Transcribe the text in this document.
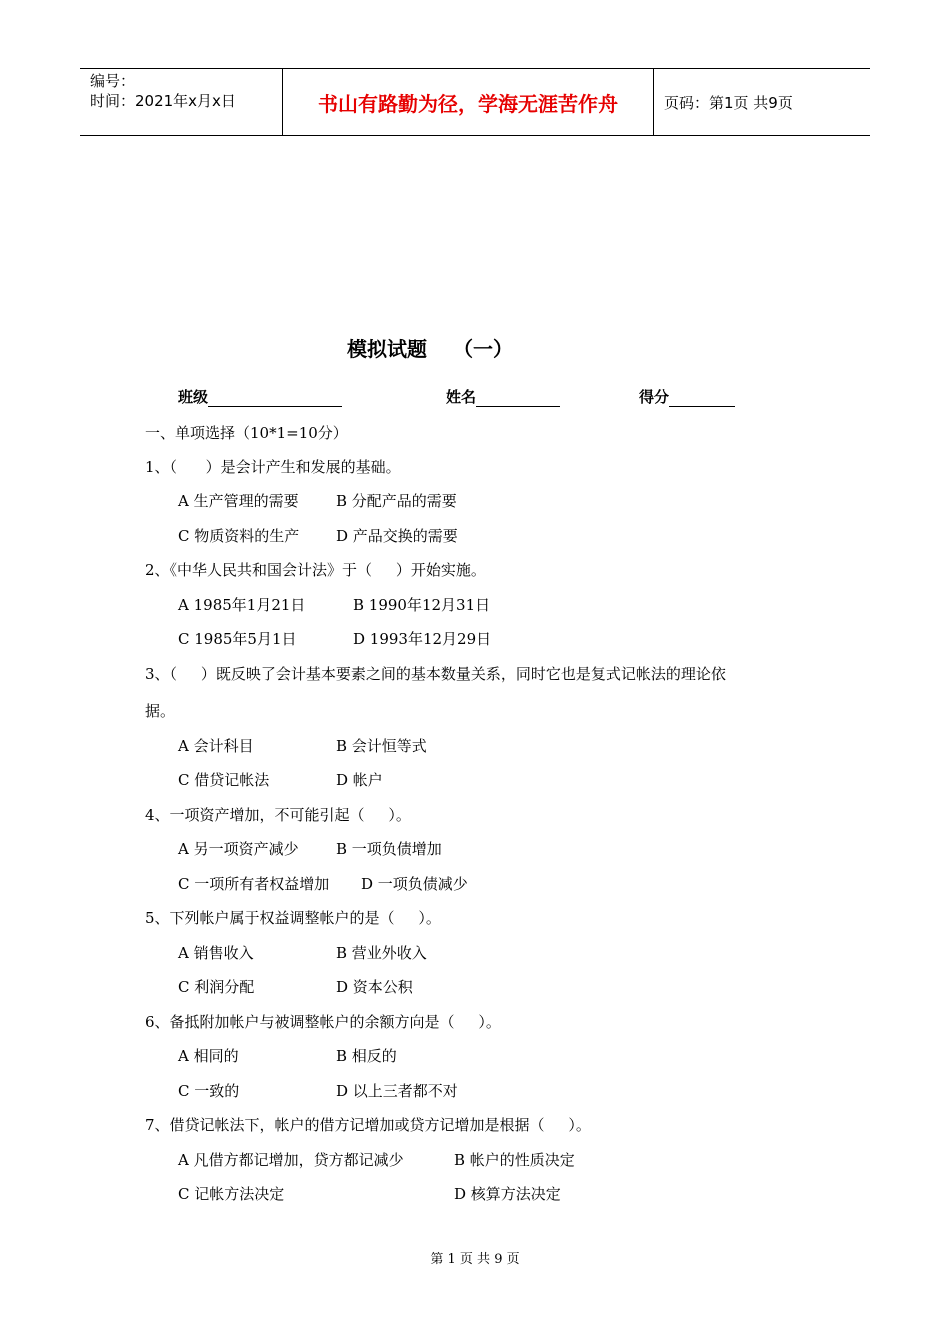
编号：
时间：2021年x月x日	书山有路勤为径，学海无涯苦作舟	页码：第1页 共9页
模拟试题 （一）
班级	姓名	得分
一、单项选择（10*1=10分）
1、（      ）是会计产生和发展的基础。
A 生产管理的需要 B 分配产品的需要
C 物质资料的生产 D 产品交换的需要
2、《中华人民共和国会计法》于（     ）开始实施。
A 1985年1月21日	B 1990年12月31日
C 1985年5月1日	D 1993年12月29日
3、（     ）既反映了会计基本要素之间的基本数量关系，同时它也是复式记帐法的理论依
据。
A 会计科目	B 会计恒等式
C 借贷记帐法	D 帐户
4、一项资产增加，不可能引起（     ）。
A 另一项资产减少 B 一项负债增加
C 一项所有者权益增加 D 一项负债减少
5、下列帐户属于权益调整帐户的是（     ）。
A 销售收入	B 营业外收入
C 利润分配	D 资本公积
6、备抵附加帐户与被调整帐户的余额方向是（     ）。
A 相同的	B 相反的
C 一致的	D 以上三者都不对
7、借贷记帐法下，帐户的借方记增加或贷方记增加是根据（     ）。
A 凡借方都记增加，贷方都记减少	B 帐户的性质决定
C 记帐方法决定	D 核算方法决定
第 1 页 共 9 页
